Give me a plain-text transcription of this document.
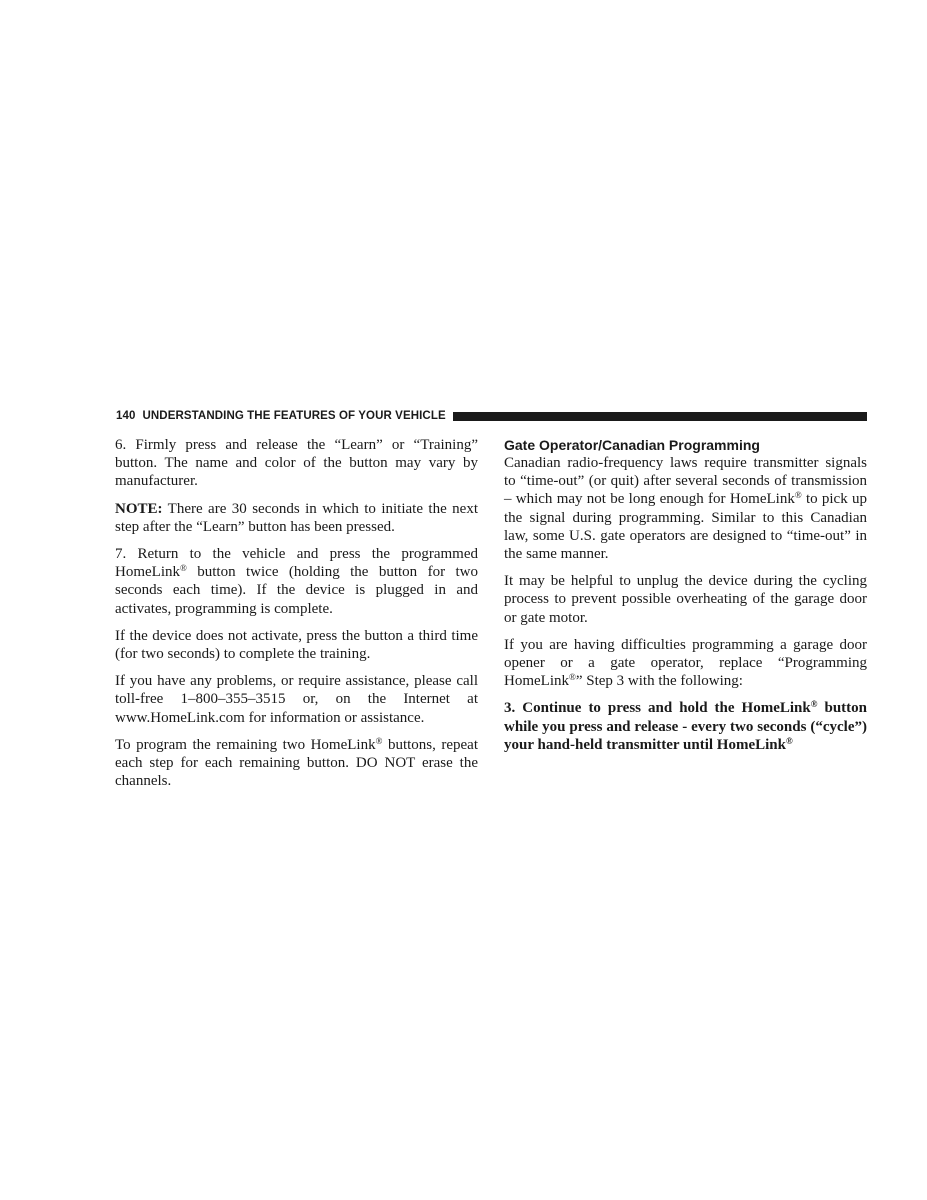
140 UNDERSTANDING THE FEATURES OF YOUR VEHICLE

6. Firmly press and release the “Learn” or “Training” button. The name and color of the button may vary by manufacturer.

NOTE: There are 30 seconds in which to initiate the next step after the “Learn” button has been pressed.

7. Return to the vehicle and press the programmed HomeLink® button twice (holding the button for two seconds each time). If the device is plugged in and activates, programming is complete.

If the device does not activate, press the button a third time (for two seconds) to complete the training.

If you have any problems, or require assistance, please call toll-free 1–800–355–3515 or, on the Internet at www.HomeLink.com for information or assistance.

To program the remaining two HomeLink® buttons, repeat each step for each remaining button. DO NOT erase the channels.

Gate Operator/Canadian Programming

Canadian radio-frequency laws require transmitter signals to “time-out” (or quit) after several seconds of transmission – which may not be long enough for HomeLink® to pick up the signal during programming. Similar to this Canadian law, some U.S. gate operators are designed to “time-out” in the same manner.

It may be helpful to unplug the device during the cycling process to prevent possible overheating of the garage door or gate motor.

If you are having difficulties programming a garage door opener or a gate operator, replace “Programming HomeLink®” Step 3 with the following:

3. Continue to press and hold the HomeLink® button while you press and release - every two seconds (“cycle”) your hand-held transmitter until HomeLink®
